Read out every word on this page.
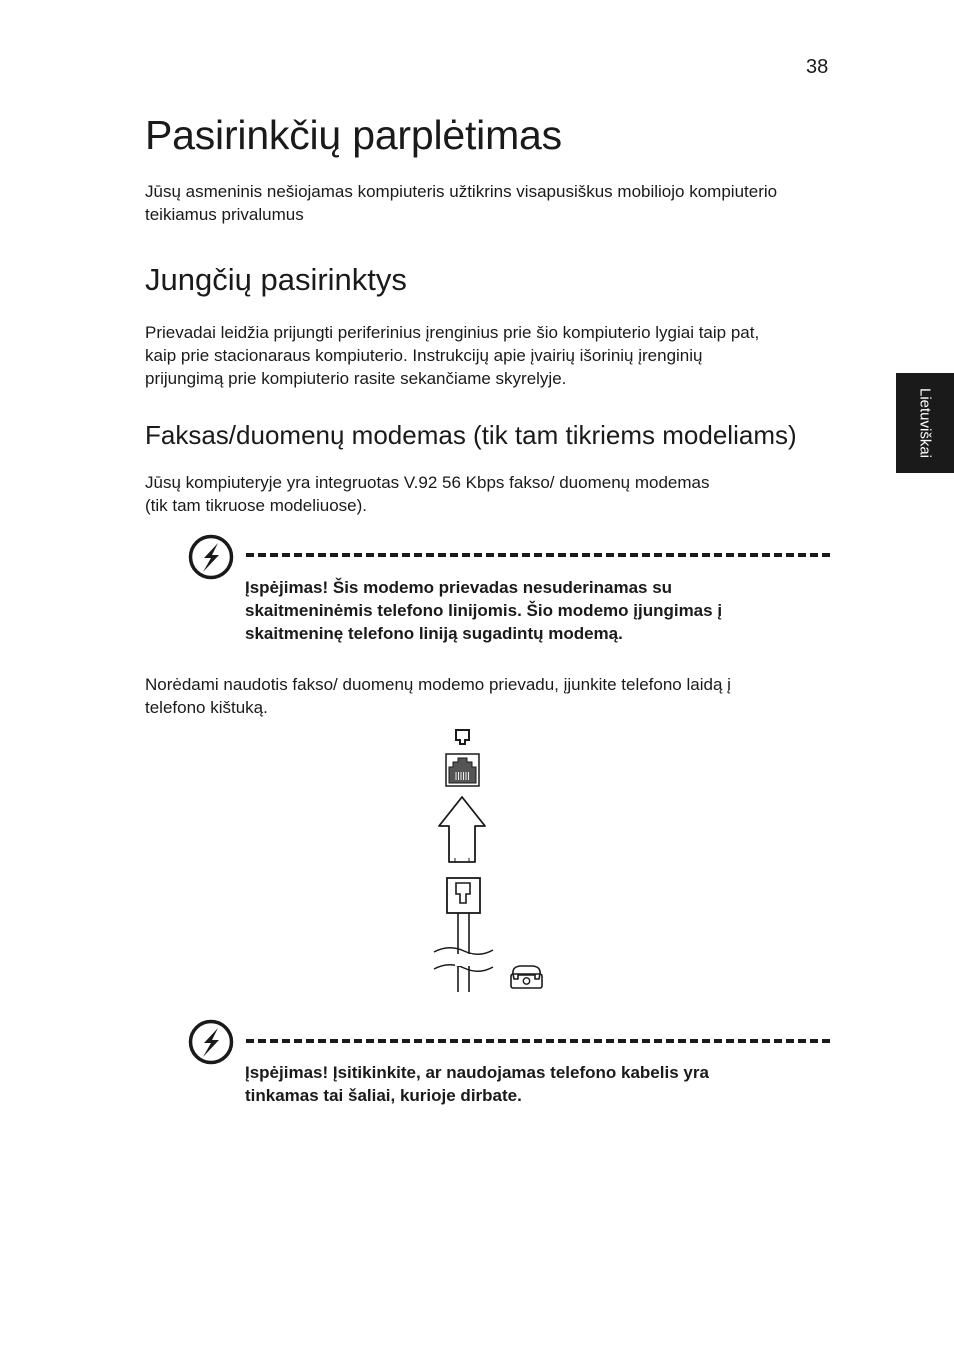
38
Lietuviškai
Pasirinkčių parplėtimas

Jūsų asmeninis nešiojamas kompiuteris užtikrins visapusiškus mobiliojo kompiuterio
teikiamus privalumus

Jungčių pasirinktys

Prievadai leidžia prijungti periferinius įrenginius prie šio kompiuterio lygiai taip pat,
kaip prie stacionaraus kompiuterio. Instrukcijų apie įvairių išorinių įrenginių
prijungimą prie kompiuterio rasite sekančiame skyrelyje.

Faksas/duomenų modemas (tik tam tikriems modeliams)

Jūsų kompiuteryje yra integruotas V.92 56 Kbps fakso/ duomenų modemas
(tik tam tikruose modeliuose).

Įspėjimas! Šis modemo prievadas nesuderinamas su
skaitmeninėmis telefono linijomis. Šio modemo įjungimas į
skaitmeninę telefono liniją sugadintų modemą.

Norėdami naudotis fakso/ duomenų modemo prievadu, įjunkite telefono laidą į
telefono kištuką.

Įspėjimas! Įsitikinkite, ar naudojamas telefono kabelis yra
tinkamas tai šaliai, kurioje dirbate.
